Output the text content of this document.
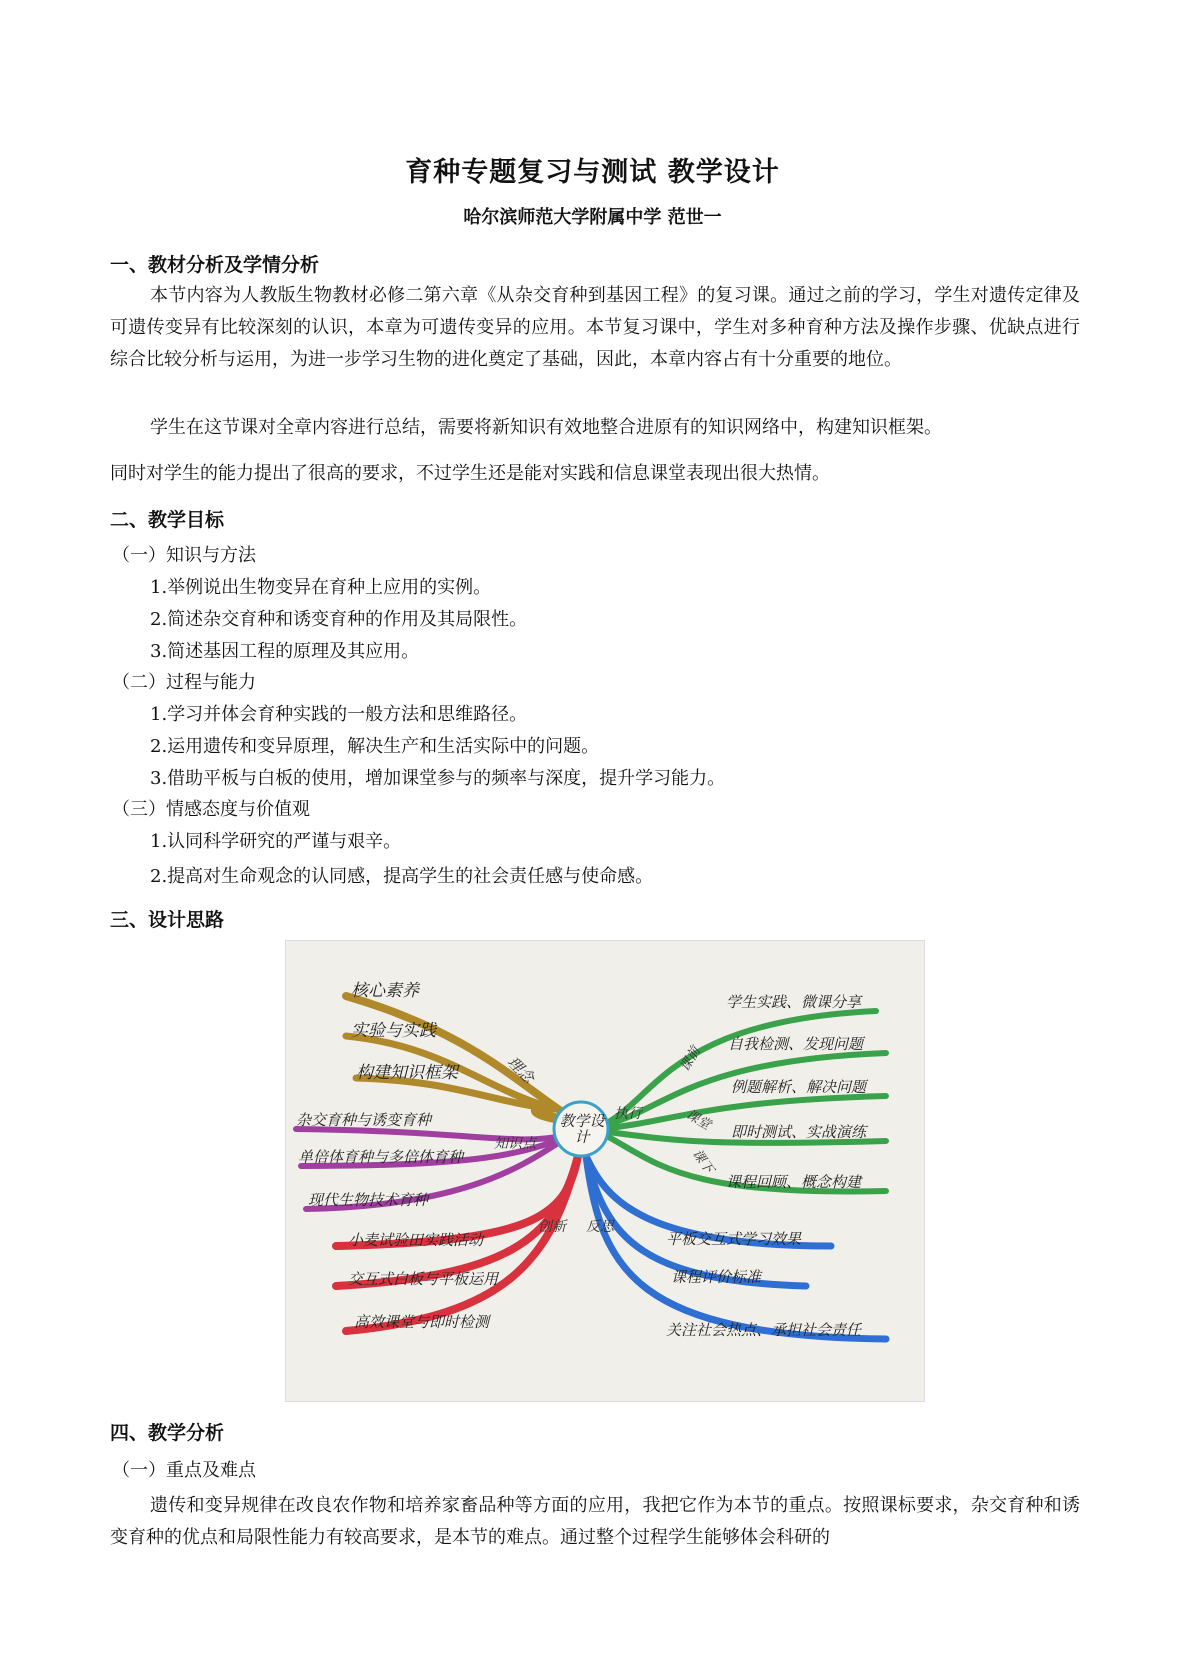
育种专题复习与测试 教学设计
哈尔滨师范大学附属中学 范世一
一、教材分析及学情分析
本节内容为人教版生物教材必修二第六章《从杂交育种到基因工程》的复习课。通过之前的学习，学生对遗传定律及可遗传变异有比较深刻的认识，本章为可遗传变异的应用。本节复习课中，学生对多种育种方法及操作步骤、优缺点进行综合比较分析与运用，为进一步学习生物的进化奠定了基础，因此，本章内容占有十分重要的地位。
学生在这节课对全章内容进行总结，需要将新知识有效地整合进原有的知识网络中，构建知识框架。
同时对学生的能力提出了很高的要求，不过学生还是能对实践和信息课堂表现出很大热情。
二、教学目标
（一）知识与方法
1.举例说出生物变异在育种上应用的实例。
2.简述杂交育种和诱变育种的作用及其局限性。
3.简述基因工程的原理及其应用。
（二）过程与能力
1.学习并体会育种实践的一般方法和思维路径。
2.运用遗传和变异原理，解决生产和生活实际中的问题。
3.借助平板与白板的使用，增加课堂参与的频率与深度，提升学习能力。
（三）情感态度与价值观
1.认同科学研究的严谨与艰辛。
2.提高对生命观念的认同感，提高学生的社会责任感与使命感。
三、设计思路
教学设计
理念
知识点
创新 反思
执行
课前
课堂
课下
核心素养
实验与实践
构建知识框架
杂交育种与诱变育种
单倍体育种与多倍体育种
现代生物技术育种
小麦试验田实践活动
交互式白板与平板运用
高效课堂与即时检测
平板交互式学习效果
课程评价标准
关注社会热点、承担社会责任
学生实践、微课分享
自我检测、发现问题
例题解析、解决问题
即时测试、实战演练
课程回顾、概念构建
四、教学分析
（一）重点及难点
遗传和变异规律在改良农作物和培养家畜品种等方面的应用，我把它作为本节的重点。按照课标要求，杂交育种和诱变育种的优点和局限性能力有较高要求，是本节的难点。通过整个过程学生能够体会科研的
